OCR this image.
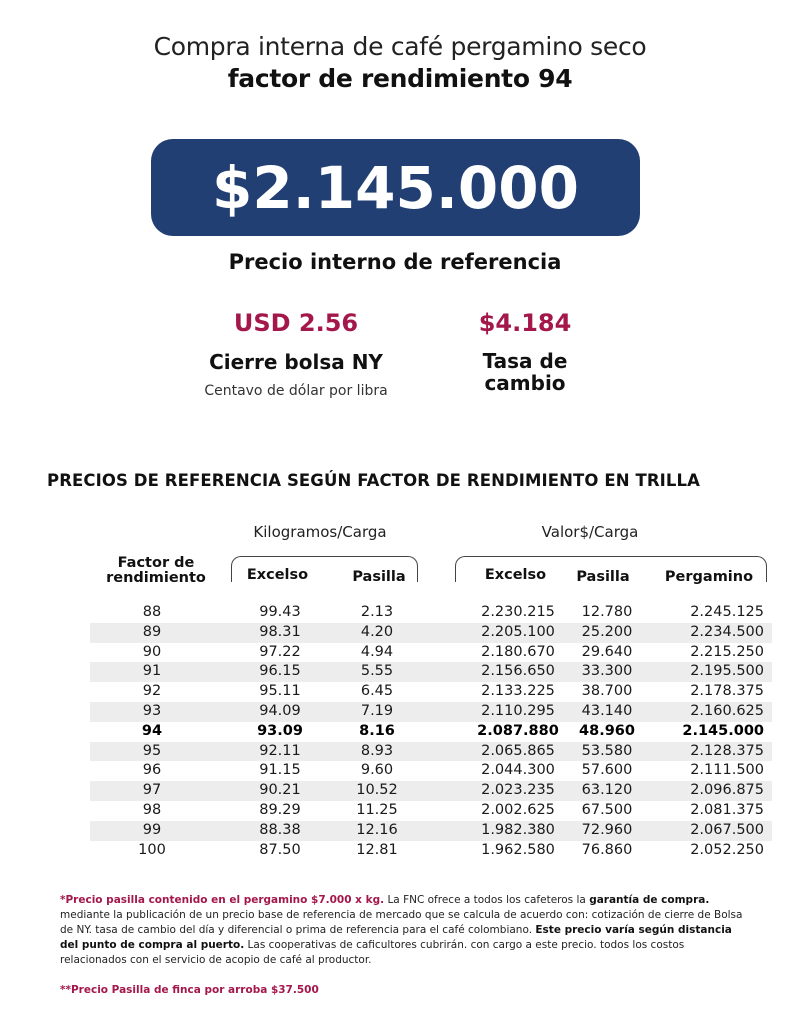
Compra interna de café pergamino seco
factor de rendimiento 94
$2.145.000
Precio interno de referencia
USD 2.56
Cierre bolsa NY
Centavo de dólar por libra
$4.184
Tasa de
cambio
PRECIOS DE REFERENCIA SEGÚN FACTOR DE RENDIMIENTO EN TRILLA
Kilogramos/Carga	Valor$/Carga
Factor de
rendimiento	Excelso	Pasilla	Excelso	Pasilla	Pergamino
88	99.43	2.13	2.230.215	12.780	2.245.125
89	98.31	4.20	2.205.100	25.200	2.234.500
90	97.22	4.94	2.180.670	29.640	2.215.250
91	96.15	5.55	2.156.650	33.300	2.195.500
92	95.11	6.45	2.133.225	38.700	2.178.375
93	94.09	7.19	2.110.295	43.140	2.160.625
94	93.09	8.16	2.087.880	48.960	2.145.000
95	92.11	8.93	2.065.865	53.580	2.128.375
96	91.15	9.60	2.044.300	57.600	2.111.500
97	90.21	10.52	2.023.235	63.120	2.096.875
98	89.29	11.25	2.002.625	67.500	2.081.375
99	88.38	12.16	1.982.380	72.960	2.067.500
100	87.50	12.81	1.962.580	76.860	2.052.250
*Precio pasilla contenido en el pergamino $7.000 x kg. La FNC ofrece a todos los cafeteros la garantía de compra. mediante la publicación de un precio base de referencia de mercado que se calcula de acuerdo con: cotización de cierre de Bolsa de NY. tasa de cambio del día y diferencial o prima de referencia para el café colombiano. Este precio varía según distancia del punto de compra al puerto. Las cooperativas de caficultores cubrirán. con cargo a este precio. todos los costos relacionados con el servicio de acopio de café al productor.
**Precio Pasilla de finca por arroba $37.500
